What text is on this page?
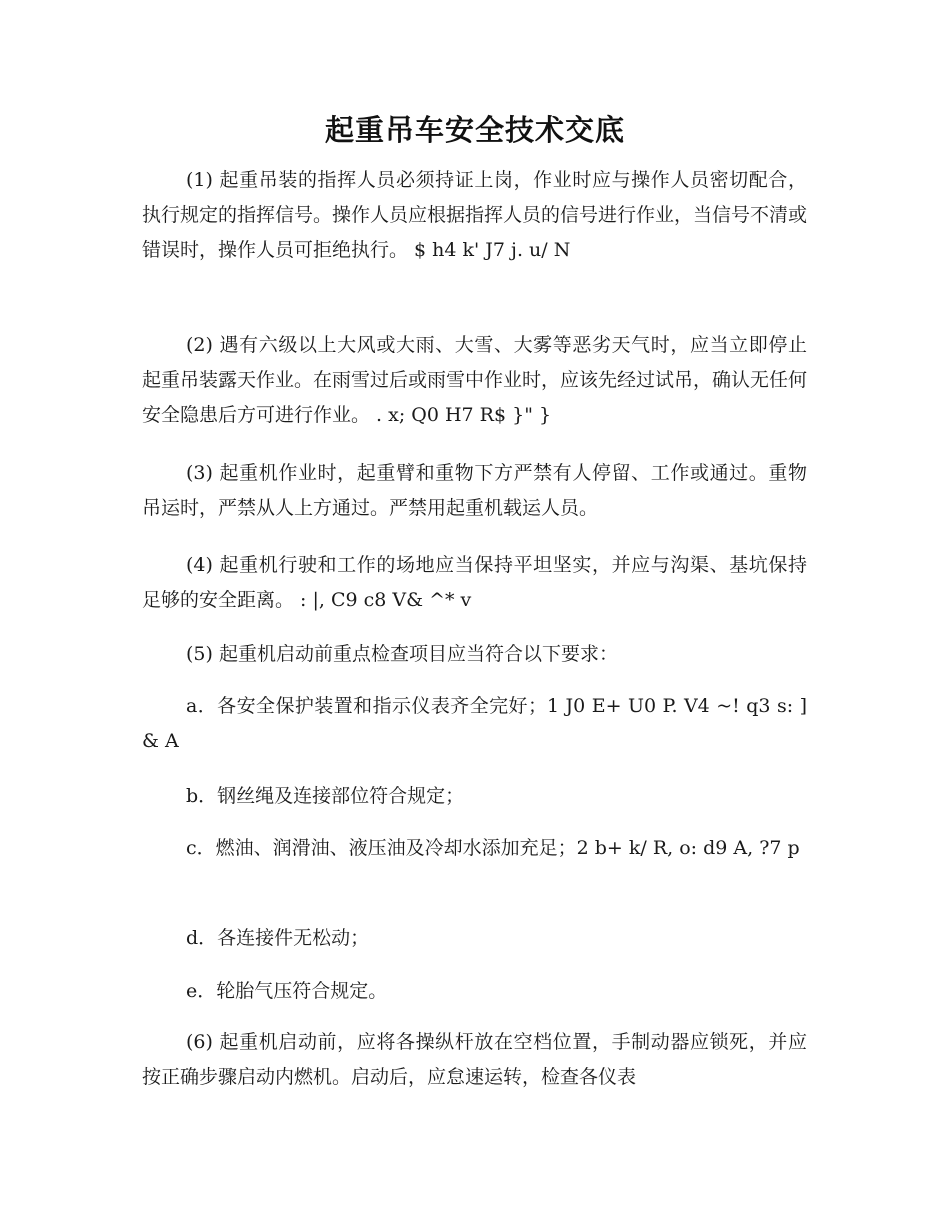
起重吊车安全技术交底

(1) 起重吊装的指挥人员必须持证上岗，作业时应与操作人员密切配合，执行规定的指挥信号。操作人员应根据指挥人员的信号进行作业，当信号不清或错误时，操作人员可拒绝执行。 $ h4 k' J7 j. u/ N

(2) 遇有六级以上大风或大雨、大雪、大雾等恶劣天气时，应当立即停止起重吊装露天作业。在雨雪过后或雨雪中作业时，应该先经过试吊，确认无任何安全隐患后方可进行作业。 . x; Q0 H7 R$ }" }

(3) 起重机作业时，起重臂和重物下方严禁有人停留、工作或通过。重物吊运时，严禁从人上方通过。严禁用起重机载运人员。

(4) 起重机行驶和工作的场地应当保持平坦坚实，并应与沟渠、基坑保持足够的安全距离。 : |, C9 c8 V& ^* v

(5) 起重机启动前重点检查项目应当符合以下要求：

a．各安全保护装置和指示仪表齐全完好；1 J0 E+ U0 P. V4 ~! q3 s: ]& A

b．钢丝绳及连接部位符合规定；

c．燃油、润滑油、液压油及冷却水添加充足；2 b+ k/ R, o: d9 A, ?7 p

d．各连接件无松动；

e．轮胎气压符合规定。

(6) 起重机启动前，应将各操纵杆放在空档位置，手制动器应锁死，并应按正确步骤启动内燃机。启动后，应怠速运转，检查各仪表
